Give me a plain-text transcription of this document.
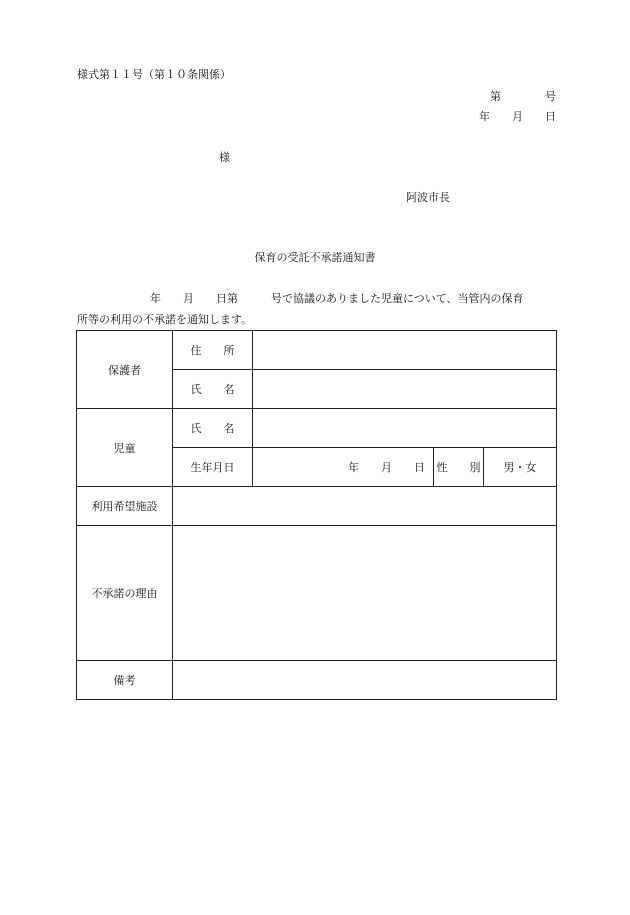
様式第１１号（第１０条関係）
第　　　　号
年　　月　　日
様
阿波市長
保育の受託不承諾通知書
年　　月　　日第　　　号で協議のありました児童について、当管内の保育
所等の利用の不承諾を通知します。
保護者	住　　所			
	氏　　名			
児童	氏　　名			
	生年月日	年　　月　　日	性　　別	男・女
利用希望施設				
不承諾の理由				
備考				
